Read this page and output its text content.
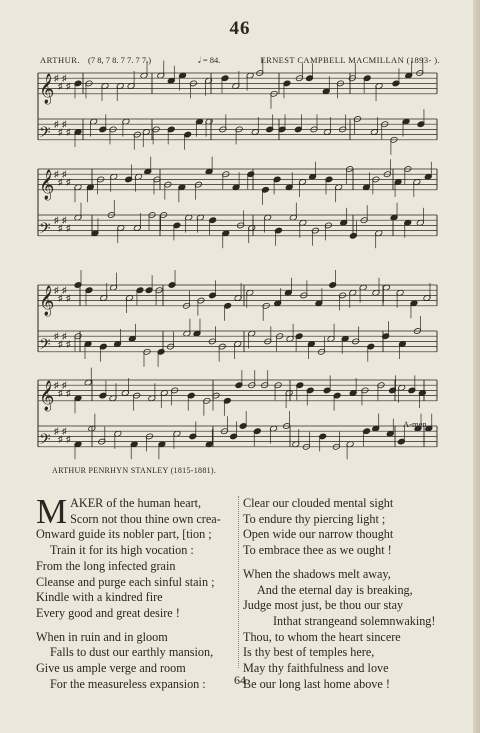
46
ARTHUR. (7 8, 7 8. 7 7. 7 7.)	𝅗𝅥 = 84.	ERNEST CAMPBELL MACMILLAN (1893- ).
𝄞 ♯
♯
♯
♯
𝄢 ♯
♯
♯
♯
𝄞 ♯
♯
♯
♯
𝄢 ♯
♯
♯
♯
𝄞 ♯
♯
♯
♯
𝄢 ♯
♯
♯
♯
𝄞 ♯
♯
♯
♯
𝄢 ♯
♯
♯
♯
A-men.
ARTHUR PENRHYN STANLEY (1815-1881).
M AKER of the human heart,
Scorn not thou thine own crea-
Onward guide its nobler part, [tion ;
Train it for its high vocation :
From the long infected grain
Cleanse and purge each sinful stain ;
Kindle with a kindred fire
Every good and great desire !
When in ruin and in gloom
Falls to dust our earthly mansion,
Give us ample verge and room
For the measureless expansion :
Clear our clouded mental sight
To endure thy piercing light ;
Open wide our narrow thought
To embrace thee as we ought !
When the shadows melt away,
And the eternal day is breaking,
Judge most just, be thou our stay
Inthat strangeand solemnwaking!
Thou, to whom the heart sincere
Is thy best of temples here,
May thy faithfulness and love
Be our long last home above !
64
